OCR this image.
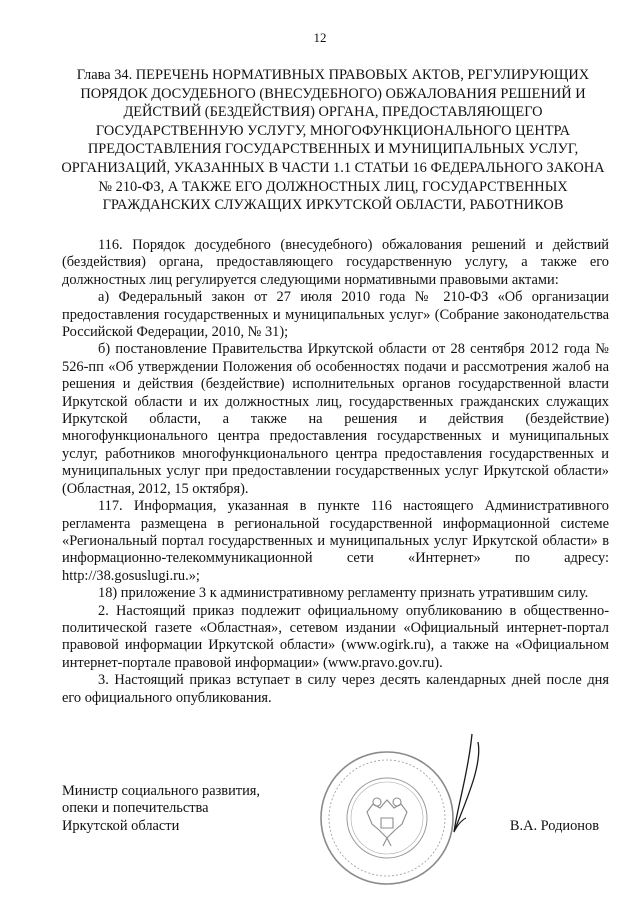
12
Глава 34. ПЕРЕЧЕНЬ НОРМАТИВНЫХ ПРАВОВЫХ АКТОВ, РЕГУЛИРУЮЩИХ ПОРЯДОК ДОСУДЕБНОГО (ВНЕСУДЕБНОГО) ОБЖАЛОВАНИЯ РЕШЕНИЙ И ДЕЙСТВИЙ (БЕЗДЕЙСТВИЯ) ОРГАНА, ПРЕДОСТАВЛЯЮЩЕГО ГОСУДАРСТВЕННУЮ УСЛУГУ, МНОГОФУНКЦИОНАЛЬНОГО ЦЕНТРА ПРЕДОСТАВЛЕНИЯ ГОСУДАРСТВЕННЫХ И МУНИЦИПАЛЬНЫХ УСЛУГ, ОРГАНИЗАЦИЙ, УКАЗАННЫХ В ЧАСТИ 1.1 СТАТЬИ 16 ФЕДЕРАЛЬНОГО ЗАКОНА № 210-ФЗ, А ТАКЖЕ ЕГО ДОЛЖНОСТНЫХ ЛИЦ, ГОСУДАРСТВЕННЫХ ГРАЖДАНСКИХ СЛУЖАЩИХ ИРКУТСКОЙ ОБЛАСТИ, РАБОТНИКОВ

116. Порядок досудебного (внесудебного) обжалования решений и действий (бездействия) органа, предоставляющего государственную услугу, а также его должностных лиц регулируется следующими нормативными правовыми актами:

а) Федеральный закон от 27 июля 2010 года № 210-ФЗ «Об организации предоставления государственных и муниципальных услуг» (Собрание законодательства Российской Федерации, 2010, № 31);

б) постановление Правительства Иркутской области от 28 сентября 2012 года № 526-пп «Об утверждении Положения об особенностях подачи и рассмотрения жалоб на решения и действия (бездействие) исполнительных органов государственной власти Иркутской области и их должностных лиц, государственных гражданских служащих Иркутской области, а также на решения и действия (бездействие) многофункционального центра предоставления государственных и муниципальных услуг, работников многофункционального центра предоставления государственных и муниципальных услуг при предоставлении государственных услуг Иркутской области» (Областная, 2012, 15 октября).

117. Информация, указанная в пункте 116 настоящего Административного регламента размещена в региональной государственной информационной системе «Региональный портал государственных и муниципальных услуг Иркутской области» в информационно-телекоммуникационной сети «Интернет» по адресу: http://38.gosuslugi.ru.»;

18) приложение 3 к административному регламенту признать утратившим силу.

2. Настоящий приказ подлежит официальному опубликованию в общественно-политической газете «Областная», сетевом издании «Официальный интернет-портал правовой информации Иркутской области» (www.ogirk.ru), а также на «Официальном интернет-портале правовой информации» (www.pravo.gov.ru).

3. Настоящий приказ вступает в силу через десять календарных дней после дня его официального опубликования.

Министр социального развития,
опеки и попечительства
Иркутской области	В.А. Родионов
